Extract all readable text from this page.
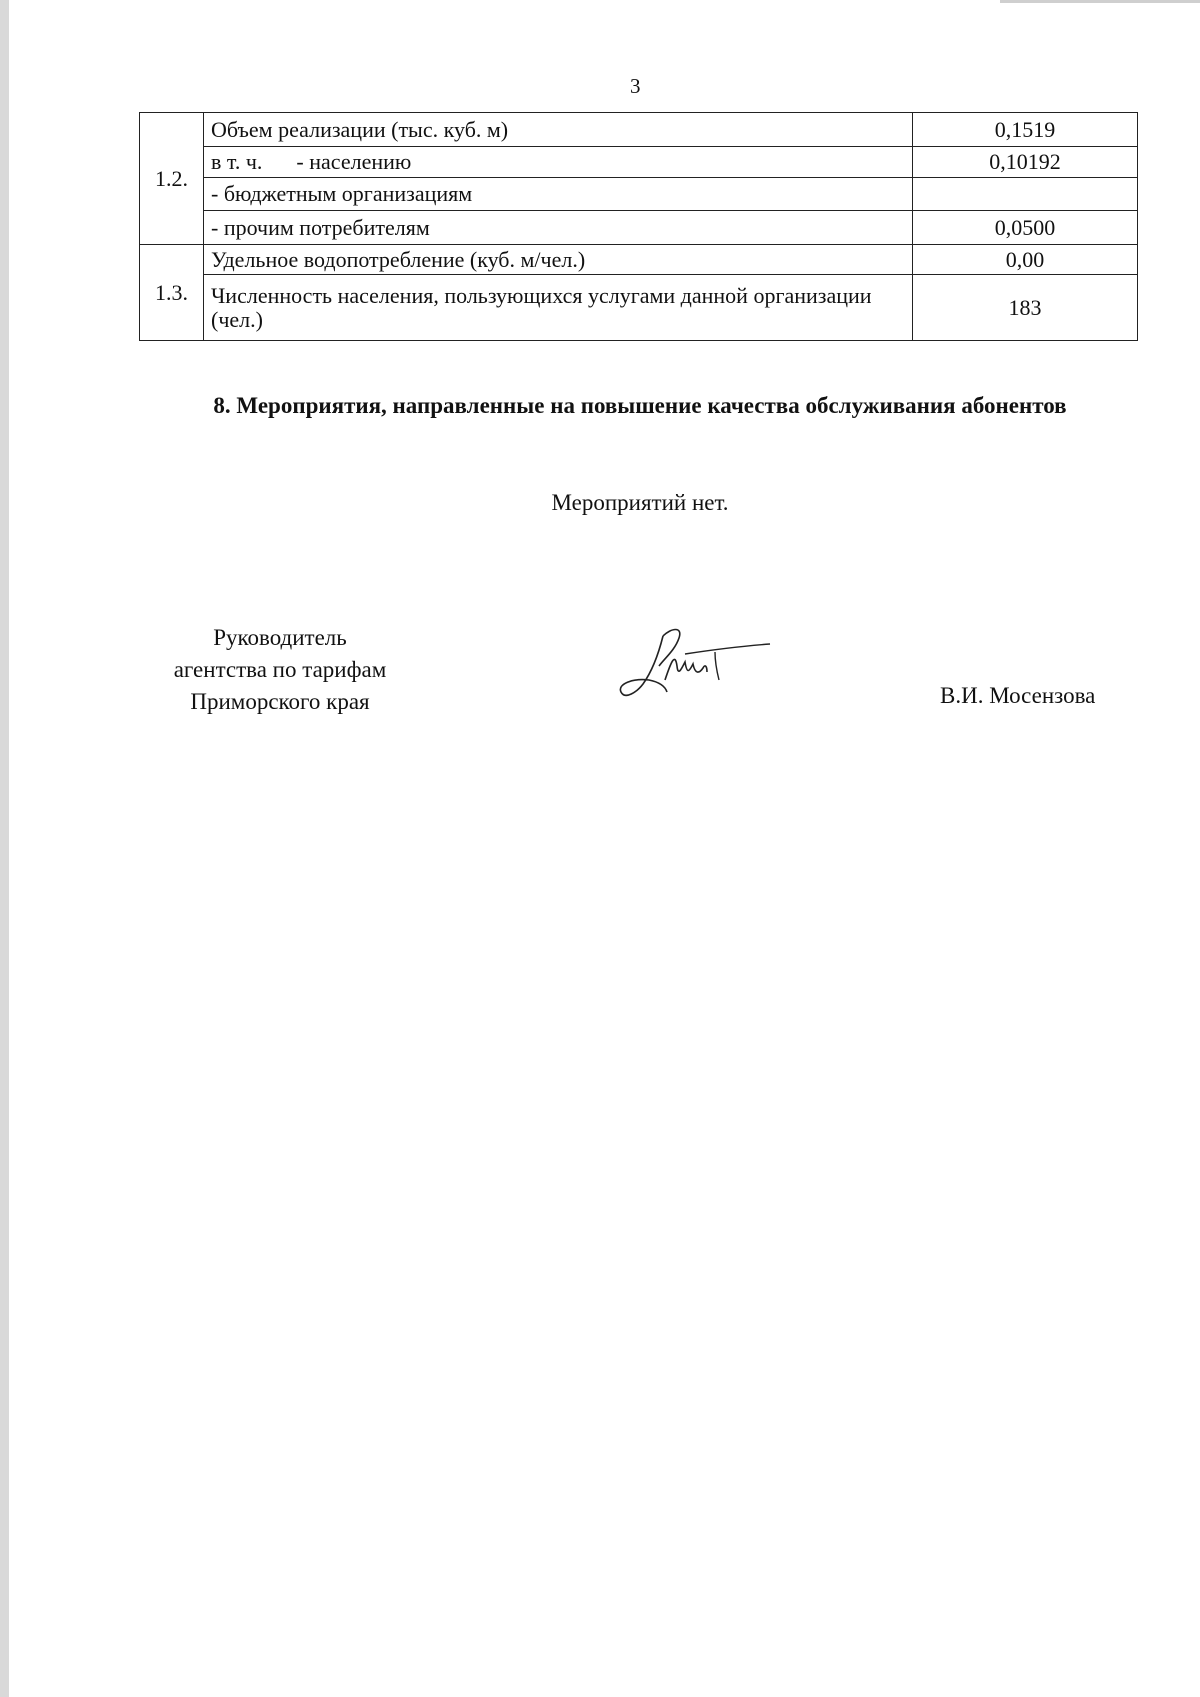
3
1.2.	Объем реализации (тыс. куб. м)	0,1519
	в т. ч. - населению	0,10192
	- бюджетным организациям	
	- прочим потребителям	0,0500
1.3.	Удельное водопотребление (куб. м/чел.)	0,00
	Численность населения, пользующихся услугами данной организации (чел.)	183
8. Мероприятия, направленные на повышение качества обслуживания абонентов
Мероприятий нет.
Руководитель
агентства по тарифам
Приморского края	В.И. Мосензова
